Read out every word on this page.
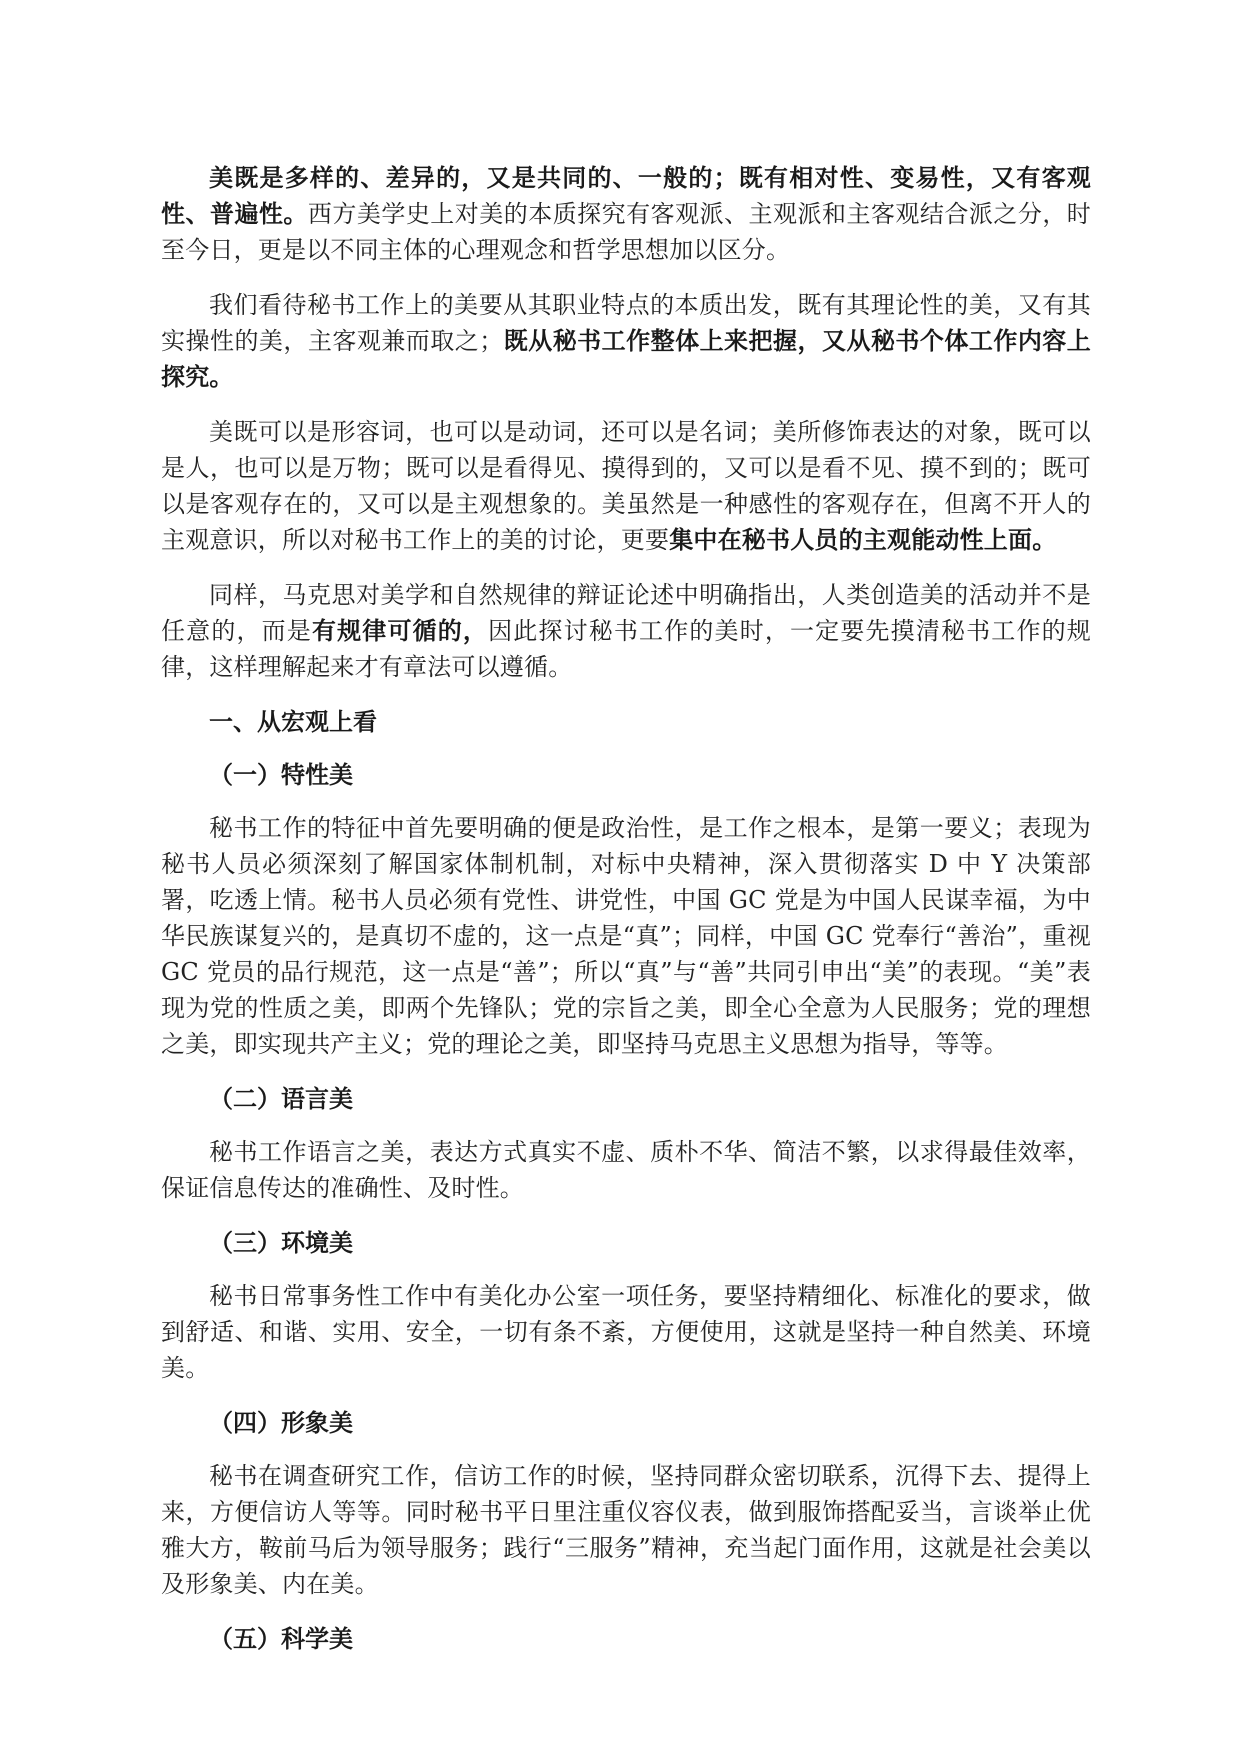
美既是多样的、差异的，又是共同的、一般的；既有相对性、变易性，又有客观性、普遍性。西方美学史上对美的本质探究有客观派、主观派和主客观结合派之分，时至今日，更是以不同主体的心理观念和哲学思想加以区分。

我们看待秘书工作上的美要从其职业特点的本质出发，既有其理论性的美，又有其实操性的美，主客观兼而取之；既从秘书工作整体上来把握，又从秘书个体工作内容上探究。

美既可以是形容词，也可以是动词，还可以是名词；美所修饰表达的对象，既可以是人，也可以是万物；既可以是看得见、摸得到的，又可以是看不见、摸不到的；既可以是客观存在的，又可以是主观想象的。美虽然是一种感性的客观存在，但离不开人的主观意识，所以对秘书工作上的美的讨论，更要集中在秘书人员的主观能动性上面。

同样，马克思对美学和自然规律的辩证论述中明确指出，人类创造美的活动并不是任意的，而是有规律可循的，因此探讨秘书工作的美时，一定要先摸清秘书工作的规律，这样理解起来才有章法可以遵循。

一、从宏观上看
（一）特性美

秘书工作的特征中首先要明确的便是政治性，是工作之根本，是第一要义；表现为秘书人员必须深刻了解国家体制机制，对标中央精神，深入贯彻落实 D 中 Y 决策部署，吃透上情。秘书人员必须有党性、讲党性，中国 GC 党是为中国人民谋幸福，为中华民族谋复兴的，是真切不虚的，这一点是“真”；同样，中国 GC 党奉行“善治”，重视 GC 党员的品行规范，这一点是“善”；所以“真”与“善”共同引申出“美”的表现。“美”表现为党的性质之美，即两个先锋队；党的宗旨之美，即全心全意为人民服务；党的理想之美，即实现共产主义；党的理论之美，即坚持马克思主义思想为指导，等等。

（二）语言美

秘书工作语言之美，表达方式真实不虚、质朴不华、简洁不繁，以求得最佳效率，保证信息传达的准确性、及时性。

（三）环境美

秘书日常事务性工作中有美化办公室一项任务，要坚持精细化、标准化的要求，做到舒适、和谐、实用、安全，一切有条不紊，方便使用，这就是坚持一种自然美、环境美。

（四）形象美

秘书在调查研究工作，信访工作的时候，坚持同群众密切联系，沉得下去、提得上来，方便信访人等等。同时秘书平日里注重仪容仪表，做到服饰搭配妥当，言谈举止优雅大方，鞍前马后为领导服务；践行“三服务”精神，充当起门面作用，这就是社会美以及形象美、内在美。

（五）科学美
